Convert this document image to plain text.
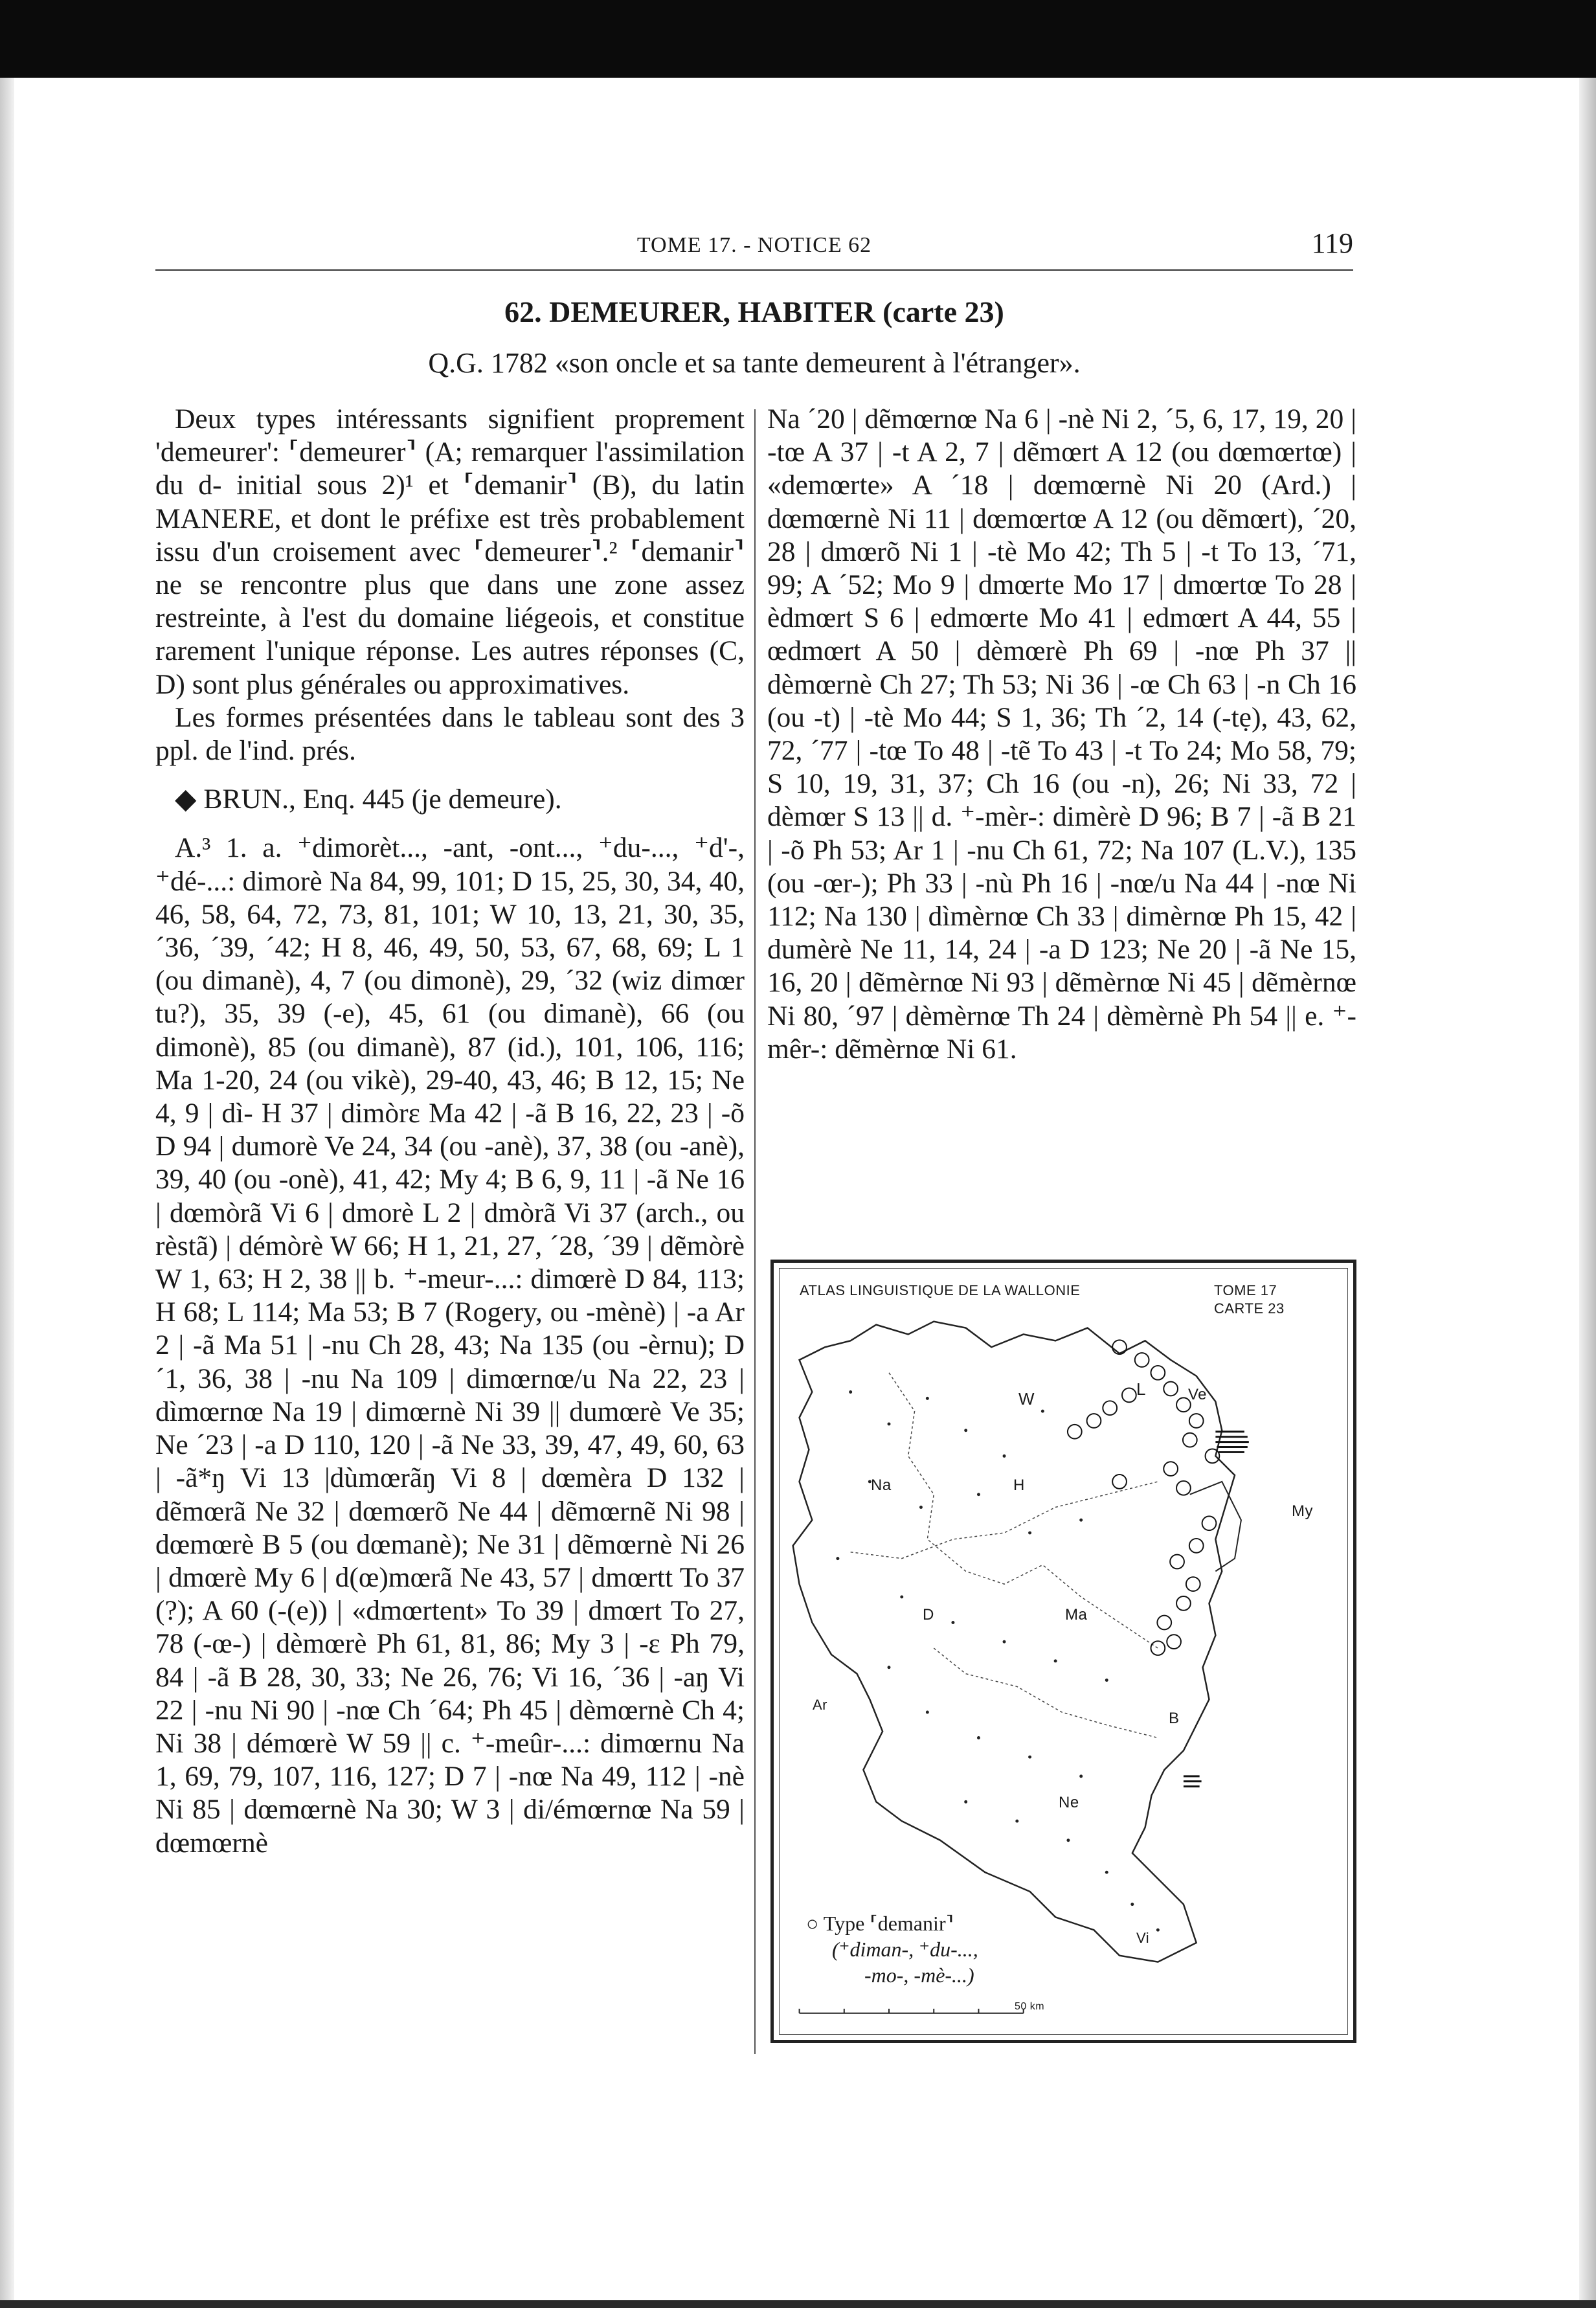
TOME 17. - NOTICE 62	119
62. DEMEURER, HABITER (carte 23)
Q.G. 1782 «son oncle et sa tante demeurent à l'étranger».

Deux types intéressants signifient proprement 'demeurer': ⸢demeurer⸣ (A; remarquer l'assimilation du d- initial sous 2)¹ et ⸢demanir⸣ (B), du latin MANERE, et dont le préfixe est très probablement issu d'un croisement avec ⸢demeurer⸣.² ⸢demanir⸣ ne se rencontre plus que dans une zone assez restreinte, à l'est du domaine liégeois, et constitue rarement l'unique réponse. Les autres réponses (C, D) sont plus générales ou approximatives.

Les formes présentées dans le tableau sont des 3 ppl. de l'ind. prés.

◆ BRUN., Enq. 445 (je demeure).

A.³ 1. a. ⁺dimorèt..., -ant, -ont..., ⁺du-..., ⁺d'-, ⁺dé-...: dimorè Na 84, 99, 101; D 15, 25, 30, 34, 40, 46, 58, 64, 72, 73, 81, 101; W 10, 13, 21, 30, 35, ´36, ´39, ´42; H 8, 46, 49, 50, 53, 67, 68, 69; L 1 (ou dimanè), 4, 7 (ou dimonè), 29, ´32 (wiz dimœr tu?), 35, 39 (-e), 45, 61 (ou dimanè), 66 (ou dimonè), 85 (ou dimanè), 87 (id.), 101, 106, 116; Ma 1-20, 24 (ou vikè), 29-40, 43, 46; B 12, 15; Ne 4, 9 | dì- H 37 | dimòrɛ Ma 42 | -ã B 16, 22, 23 | -õ D 94 | dumorè Ve 24, 34 (ou -anè), 37, 38 (ou -anè), 39, 40 (ou -onè), 41, 42; My 4; B 6, 9, 11 | -ã Ne 16 | dœmòrã Vi 6 | dmorè L 2 | dmòrã Vi 37 (arch., ou rèstã) | démòrè W 66; H 1, 21, 27, ´28, ´39 | dẽmòrè W 1, 63; H 2, 38 || b. ⁺-meur-...: dimœrè D 84, 113; H 68; L 114; Ma 53; B 7 (Rogery, ou -mènè) | -a Ar 2 | -ã Ma 51 | -nu Ch 28, 43; Na 135 (ou -èrnu); D ´1, 36, 38 | -nu Na 109 | dimœrnœ/u Na 22, 23 | dìmœrnœ Na 19 | dimœrnè Ni 39 || dumœrè Ve 35; Ne ´23 | -a D 110, 120 | -ã Ne 33, 39, 47, 49, 60, 63 | -ã*ŋ Vi 13 |dùmœrãŋ Vi 8 | dœmèra D 132 | dẽmœrã Ne 32 | dœmœrõ Ne 44 | dẽmœrnẽ Ni 98 | dœmœrè B 5 (ou dœmanè); Ne 31 | dẽmœrnè Ni 26 | dmœrè My 6 | d(œ)mœrã Ne 43, 57 | dmœrtt To 37 (?); A 60 (-(e)) | «dmœrtent» To 39 | dmœrt To 27, 78 (-œ-) | dèmœrè Ph 61, 81, 86; My 3 | -ɛ Ph 79, 84 | -ã B 28, 30, 33; Ne 26, 76; Vi 16, ´36 | -aŋ Vi 22 | -nu Ni 90 | -nœ Ch ´64; Ph 45 | dèmœrnè Ch 4; Ni 38 | démœrè W 59 || c. ⁺-meûr-...: dimœrnu Na 1, 69, 79, 107, 116, 127; D 7 | -nœ Na 49, 112 | -nè Ni 85 | dœmœrnè Na 30; W 3 | di/émœrnœ Na 59 | dœmœrnè

Na ´20 | dẽmœrnœ Na 6 | -nè Ni 2, ´5, 6, 17, 19, 20 | -tœ A 37 | -t A 2, 7 | dẽmœrt A 12 (ou dœmœrtœ) | «demœrte» A ´18 | dœmœrnè Ni 20 (Ard.) | dœmœrnè Ni 11 | dœmœrtœ A 12 (ou dẽmœrt), ´20, 28 | dmœrõ Ni 1 | -tè Mo 42; Th 5 | -t To 13, ´71, 99; A ´52; Mo 9 | dmœrte Mo 17 | dmœrtœ To 28 | èdmœrt S 6 | edmœrte Mo 41 | edmœrt A 44, 55 | œdmœrt A 50 | dèmœrè Ph 69 | -nœ Ph 37 || dèmœrnè Ch 27; Th 53; Ni 36 | -œ Ch 63 | -n Ch 16 (ou -t) | -tè Mo 44; S 1, 36; Th ´2, 14 (-tẹ), 43, 62, 72, ´77 | -tœ To 48 | -tẽ To 43 | -t To 24; Mo 58, 79; S 10, 19, 31, 37; Ch 16 (ou -n), 26; Ni 33, 72 | dèmœr S 13 || d. ⁺-mèr-: dimèrè D 96; B 7 | -ã B 21 | -õ Ph 53; Ar 1 | -nu Ch 61, 72; Na 107 (L.V.), 135 (ou -œr-); Ph 33 | -nù Ph 16 | -nœ/u Na 44 | -nœ Ni 112; Na 130 | dìmèrnœ Ch 33 | dimèrnœ Ph 15, 42 | dumèrè Ne 11, 14, 24 | -a D 123; Ne 20 | -ã Ne 15, 16, 20 | dẽmèrnœ Ni 93 | dẽmèrnœ Ni 45 | dẽmèrnœ Ni 80, ´97 | dèmèrnœ Th 24 | dèmèrnè Ph 54 || e. ⁺-mêr-: dẽmèrnœ Ni 61.

ATLAS LINGUISTIQUE DE LA WALLONIE	TOME 17
CARTE 23
W	L	Ve
My
Na	H
D	Ma
B
Ar
Ne
Vi
○ Type ⸢demanir⸣
(⁺diman-, ⁺du-...,
-mo-, -mè-...)
50 km
